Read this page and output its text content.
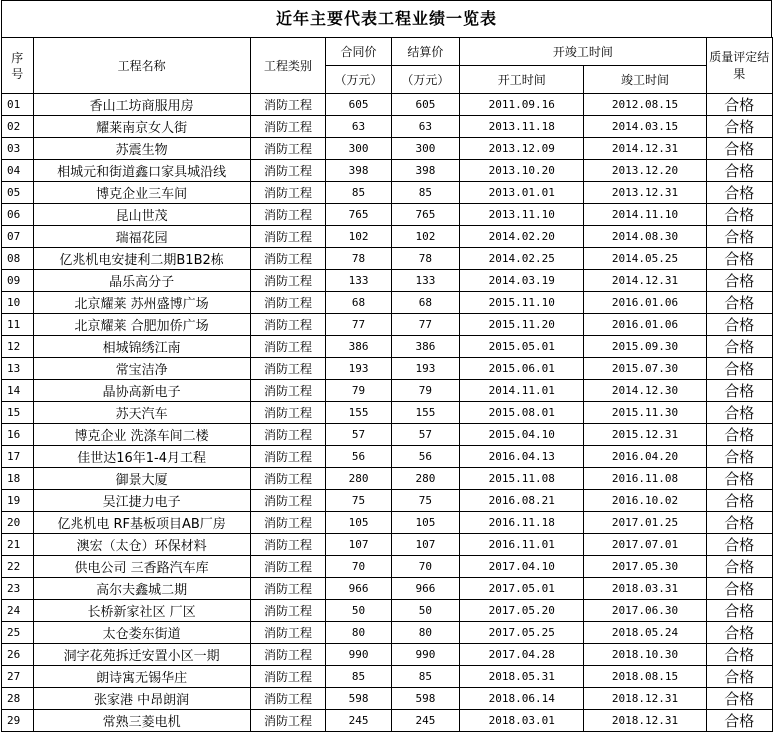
近年主要代表工程业绩一览表
序
号	工程名称	工程类别	合同价	结算价	开竣工时间		质量评定结果
			（万元）	（万元）	开工时间	竣工时间	
01	香山工坊商服用房	消防工程	605	605	2011.09.16	2012.08.15	合格
02	耀莱南京女人街	消防工程	63	63	2013.11.18	2014.03.15	合格
03	苏震生物	消防工程	300	300	2013.12.09	2014.12.31	合格
04	相城元和街道鑫口家具城沿线	消防工程	398	398	2013.10.20	2013.12.20	合格
05	博克企业三车间	消防工程	85	85	2013.01.01	2013.12.31	合格
06	昆山世茂	消防工程	765	765	2013.11.10	2014.11.10	合格
07	瑞福花园	消防工程	102	102	2014.02.20	2014.08.30	合格
08	亿兆机电安捷利二期B1B2栋	消防工程	78	78	2014.02.25	2014.05.25	合格
09	晶乐高分子	消防工程	133	133	2014.03.19	2014.12.31	合格
10	北京耀莱 苏州盛博广场	消防工程	68	68	2015.11.10	2016.01.06	合格
11	北京耀莱 合肥加侨广场	消防工程	77	77	2015.11.20	2016.01.06	合格
12	相城锦绣江南	消防工程	386	386	2015.05.01	2015.09.30	合格
13	常宝洁净	消防工程	193	193	2015.06.01	2015.07.30	合格
14	晶协高新电子	消防工程	79	79	2014.11.01	2014.12.30	合格
15	苏天汽车	消防工程	155	155	2015.08.01	2015.11.30	合格
16	博克企业 洗涤车间二楼	消防工程	57	57	2015.04.10	2015.12.31	合格
17	佳世达16年1-4月工程	消防工程	56	56	2016.04.13	2016.04.20	合格
18	御景大厦	消防工程	280	280	2015.11.08	2016.11.08	合格
19	吴江捷力电子	消防工程	75	75	2016.08.21	2016.10.02	合格
20	亿兆机电 RF基板项目AB厂房	消防工程	105	105	2016.11.18	2017.01.25	合格
21	澳宏（太仓）环保材料	消防工程	107	107	2016.11.01	2017.07.01	合格
22	供电公司 三香路汽车库	消防工程	70	70	2017.04.10	2017.05.30	合格
23	高尔夫鑫城二期	消防工程	966	966	2017.05.01	2018.03.31	合格
24	长桥新家社区 厂区	消防工程	50	50	2017.05.20	2017.06.30	合格
25	太仓娄东街道	消防工程	80	80	2017.05.25	2018.05.24	合格
26	洞字花苑拆迁安置小区一期	消防工程	990	990	2017.04.28	2018.10.30	合格
27	朗诗寓无锡华庄	消防工程	85	85	2018.05.31	2018.08.15	合格
28	张家港 中昂朗润	消防工程	598	598	2018.06.14	2018.12.31	合格
29	常熟三菱电机	消防工程	245	245	2018.03.01	2018.12.31	合格
